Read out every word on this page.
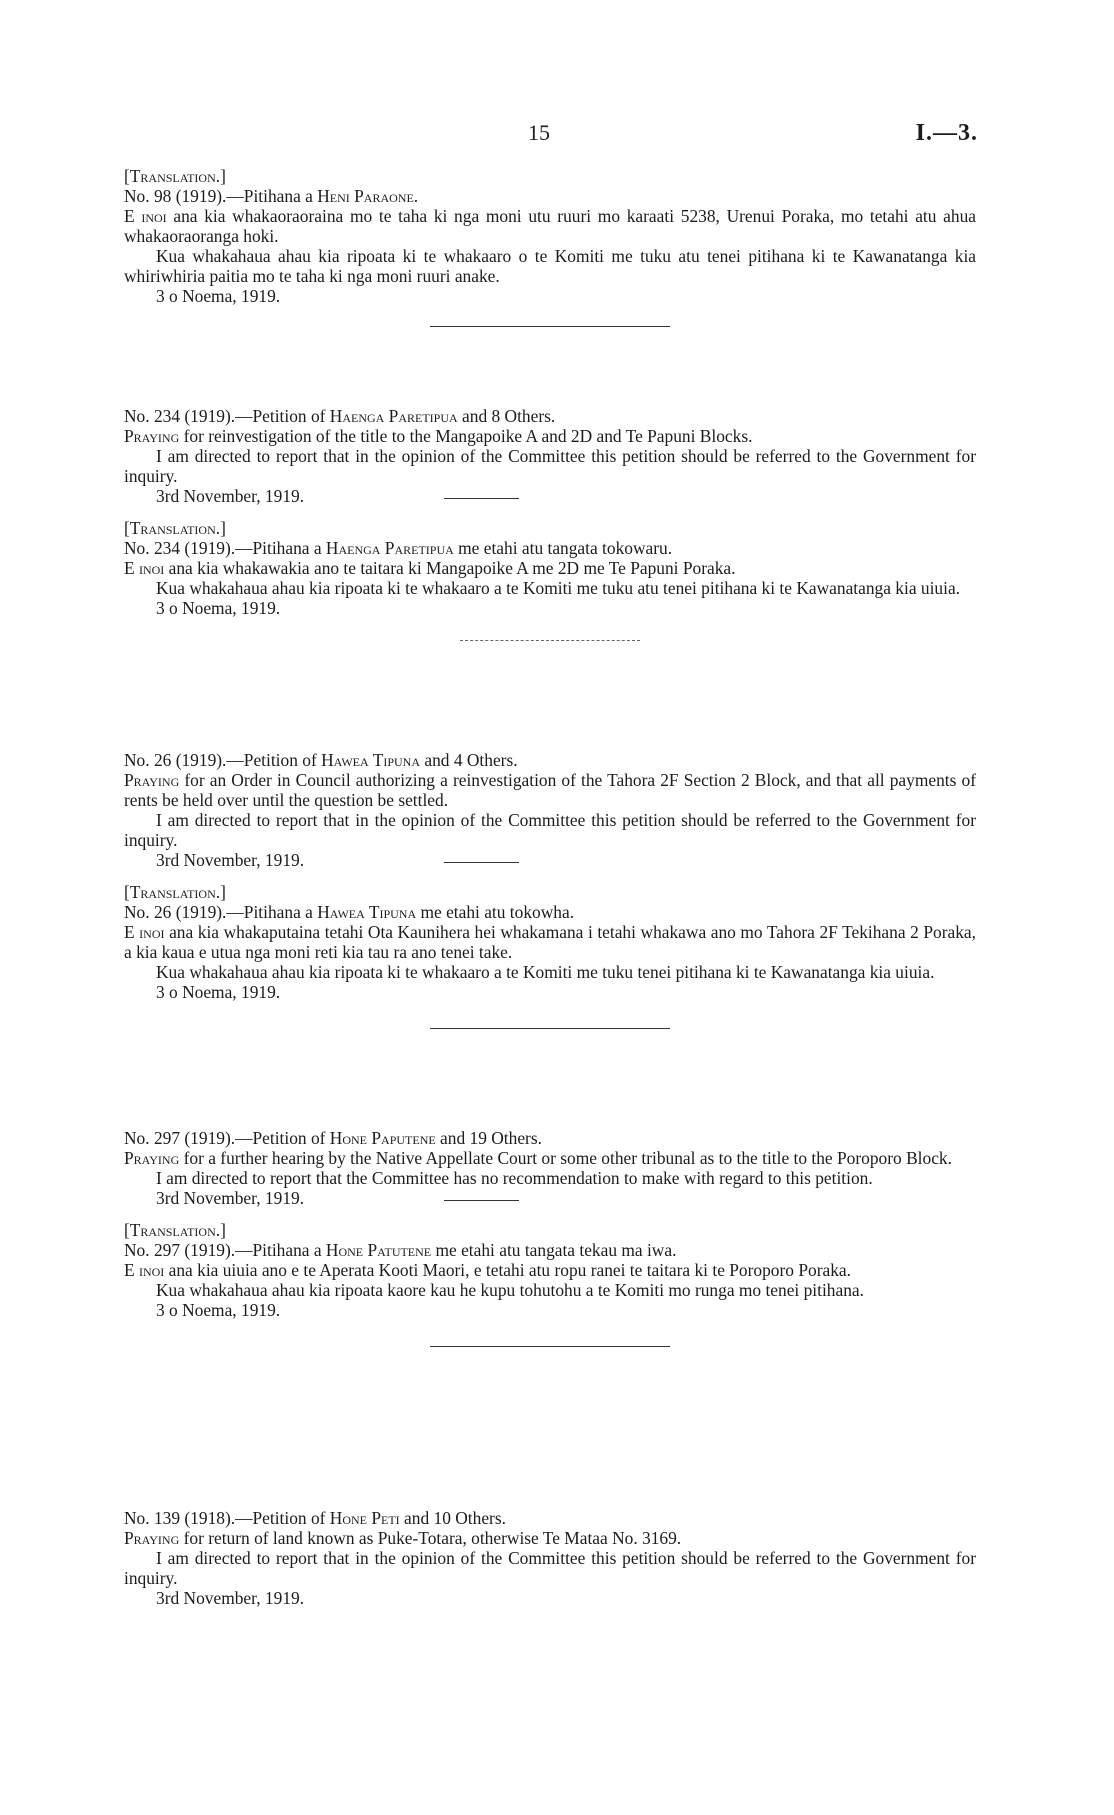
15	I.—3.

[Translation.]

No. 98 (1919).—Pitihana a Heni Paraone.

E inoi ana kia whakaoraoraina mo te taha ki nga moni utu ruuri mo karaati 5238, Urenui Poraka, mo tetahi atu ahua whakaoraoranga hoki.

Kua whakahaua ahau kia ripoata ki te whakaaro o te Komiti me tuku atu tenei pitihana ki te Kawanatanga kia whiriwhiria paitia mo te taha ki nga moni ruuri anake.

3 o Noema, 1919.

No. 234 (1919).—Petition of Haenga Paretipua and 8 Others.

Praying for reinvestigation of the title to the Mangapoike A and 2D and Te Papuni Blocks.

I am directed to report that in the opinion of the Committee this petition should be referred to the Government for inquiry.

3rd November, 1919.

[Translation.]

No. 234 (1919).—Pitihana a Haenga Paretipua me etahi atu tangata tokowaru.

E inoi ana kia whakawakia ano te taitara ki Mangapoike A me 2D me Te Papuni Poraka.

Kua whakahaua ahau kia ripoata ki te whakaaro a te Komiti me tuku atu tenei pitihana ki te Kawanatanga kia uiuia.

3 o Noema, 1919.

No. 26 (1919).—Petition of Hawea Tipuna and 4 Others.

Praying for an Order in Council authorizing a reinvestigation of the Tahora 2F Section 2 Block, and that all payments of rents be held over until the question be settled.

I am directed to report that in the opinion of the Committee this petition should be referred to the Government for inquiry.

3rd November, 1919.

[Translation.]

No. 26 (1919).—Pitihana a Hawea Tipuna me etahi atu tokowha.

E inoi ana kia whakaputaina tetahi Ota Kaunihera hei whakamana i tetahi whakawa ano mo Tahora 2F Tekihana 2 Poraka, a kia kaua e utua nga moni reti kia tau ra ano tenei take.

Kua whakahaua ahau kia ripoata ki te whakaaro a te Komiti me tuku tenei pitihana ki te Kawanatanga kia uiuia.

3 o Noema, 1919.

No. 297 (1919).—Petition of Hone Paputene and 19 Others.

Praying for a further hearing by the Native Appellate Court or some other tribunal as to the title to the Poroporo Block.

I am directed to report that the Committee has no recommendation to make with regard to this petition.

3rd November, 1919.

[Translation.]

No. 297 (1919).—Pitihana a Hone Patutene me etahi atu tangata tekau ma iwa.

E inoi ana kia uiuia ano e te Aperata Kooti Maori, e tetahi atu ropu ranei te taitara ki te Poroporo Poraka.

Kua whakahaua ahau kia ripoata kaore kau he kupu tohutohu a te Komiti mo runga mo tenei pitihana.

3 o Noema, 1919.

No. 139 (1918).—Petition of Hone Peti and 10 Others.

Praying for return of land known as Puke-Totara, otherwise Te Mataa No. 3169.

I am directed to report that in the opinion of the Committee this petition should be referred to the Government for inquiry.

3rd November, 1919.
